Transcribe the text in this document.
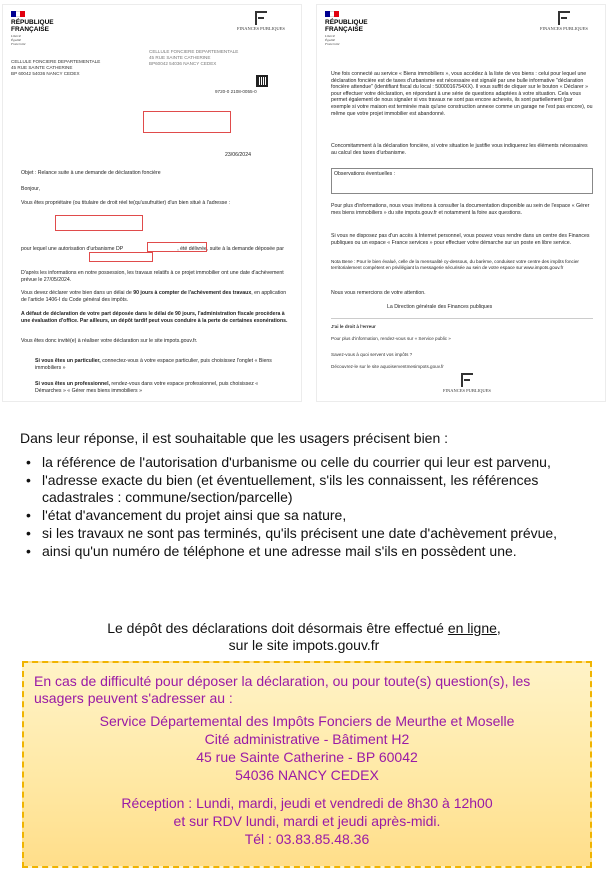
RÉPUBLIQUE
FRANÇAISE
Liberté
Égalité
Fraternité
FINANCES PUBLIQUES
CELLULE FONCIERE DEPARTEMENTALE
45 RUE SAINTE CATHERINE
BP 60042 54036 NANCY CEDEX
CELLULE FONCIERE DEPARTEMENTALE
45 RUE SAINTE CATHERINE
BP60042 54036 NANCY CEDEX
9720-0 2108-0055-0
23/06/2024
Objet : Relance suite à une demande de déclaration foncière
Bonjour,
Vous êtes propriétaire (ou titulaire de droit réel te(qu'usufruitier) d'un bien situé à l'adresse :
pour lequel une autorisation d'urbanisme DP	, été délivrée, suite à la demande déposée par
D'après les informations en notre possession, les travaux relatifs à ce projet immobilier ont une date d'achèvement prévue le 27/05/2024.
Vous devez déclarer votre bien dans un délai de 90 jours à compter de l'achèvement des travaux, en application de l'article 1406-I du Code général des impôts.
A défaut de déclaration de votre part déposée dans le délai de 90 jours, l'administration fiscale procèdera à une évaluation d'office. Par ailleurs, un dépôt tardif peut vous conduire à la perte de certaines exonérations.
Vous êtes donc invité(e) à réaliser votre déclaration sur le site impots.gouv.fr.
Si vous êtes un particulier, connectez-vous à votre espace particulier, puis choisissez l'onglet « Biens immobiliers »
Si vous êtes un professionnel, rendez-vous dans votre espace professionnel, puis choisissez « Démarches » « Gérer mes biens immobiliers »
RÉPUBLIQUE
FRANÇAISE
Liberté
Égalité
Fraternité
FINANCES PUBLIQUES
Une fois connecté au service « Biens immobiliers », vous accédez à la liste de vos biens : celui pour lequel une déclaration foncière est de taxes d'urbanisme est nécessaire est signalé par une bulle informative "déclaration foncière attendue" (identifiant fiscal du local : 5000016754XX). Il vous suffit de cliquer sur le bouton « Déclarer » pour effectuer votre déclaration, en répondant à une série de questions adaptées à votre situation. Cela vous permet également de nous signaler si vos travaux ne sont pas encore achevés, ils sont partiellement (par exemple si votre maison est terminée mais qu'une construction annexe comme un garage ne l'est pas encore), ou même que votre projet immobilier est abandonné.
Concomitamment à la déclaration foncière, si votre situation le justifie vous indiquerez les éléments nécessaires au calcul des taxes d'urbanisme.
Observations éventuelles :
Pour plus d'informations, nous vous invitons à consulter la documentation disponible au sein de l'espace « Gérer mes biens immobiliers » du site impots.gouv.fr et notamment la foire aux questions.
Si vous ne disposez pas d'un accès à Internet personnel, vous pouvez vous rendre dans un centre des Finances publiques ou un espace « France services » pour effectuer votre démarche sur un poste en libre service.
Nota Bene : Pour le bien évalué, celle de la mensualité cy-dessous, du barème, conduisez votre centre des impôts foncier territorialement compétent en privilégiant la messagerie sécurisée au sein de votre espace sur www.impots.gouv.fr
Nous vous remercions de votre attention.
La Direction générale des Finances publiques
J'ai le droit à l'erreur
Pour plus d'information, rendez-vous sur « Service public »
Savez-vous à quoi servent vos impôts ?
Découvrez-le sur le site aquoiserventmesimpots.gouv.fr
FINANCES PUBLIQUES
Dans leur réponse, il est souhaitable que les usagers précisent bien :
• la référence de l'autorisation d'urbanisme ou celle du courrier qui leur est parvenu,
• l'adresse exacte du bien (et éventuellement, s'ils les connaissent, les références cadastrales : commune/section/parcelle)
• l'état d'avancement du projet ainsi que sa nature,
• si les travaux ne sont pas terminés, qu'ils précisent une date d'achèvement prévue,
• ainsi qu'un numéro de téléphone et une adresse mail s'ils en possèdent une.
Le dépôt des déclarations doit désormais être effectué en ligne,
sur le site impots.gouv.fr
En cas de difficulté pour déposer la déclaration, ou pour toute(s) question(s), les usagers peuvent s'adresser au :
Service Départemental des Impôts Fonciers de Meurthe et Moselle
Cité administrative - Bâtiment H2
45 rue Sainte Catherine - BP 60042
54036 NANCY CEDEX
Réception : Lundi, mardi, jeudi et vendredi de 8h30 à 12h00
et sur RDV lundi, mardi et jeudi après-midi.
Tél : 03.83.85.48.36
